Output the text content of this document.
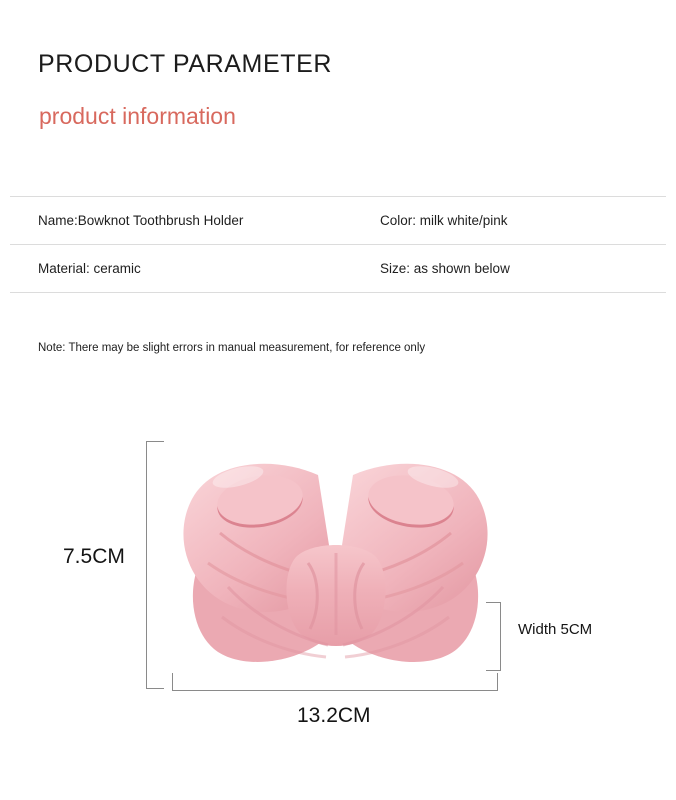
PRODUCT PARAMETER
product information
Name:Bowknot Toothbrush Holder	Color: milk white/pink
Material: ceramic	Size: as shown below
Note: There may be slight errors in manual measurement, for reference only
7.5CM
13.2CM
Width 5CM
